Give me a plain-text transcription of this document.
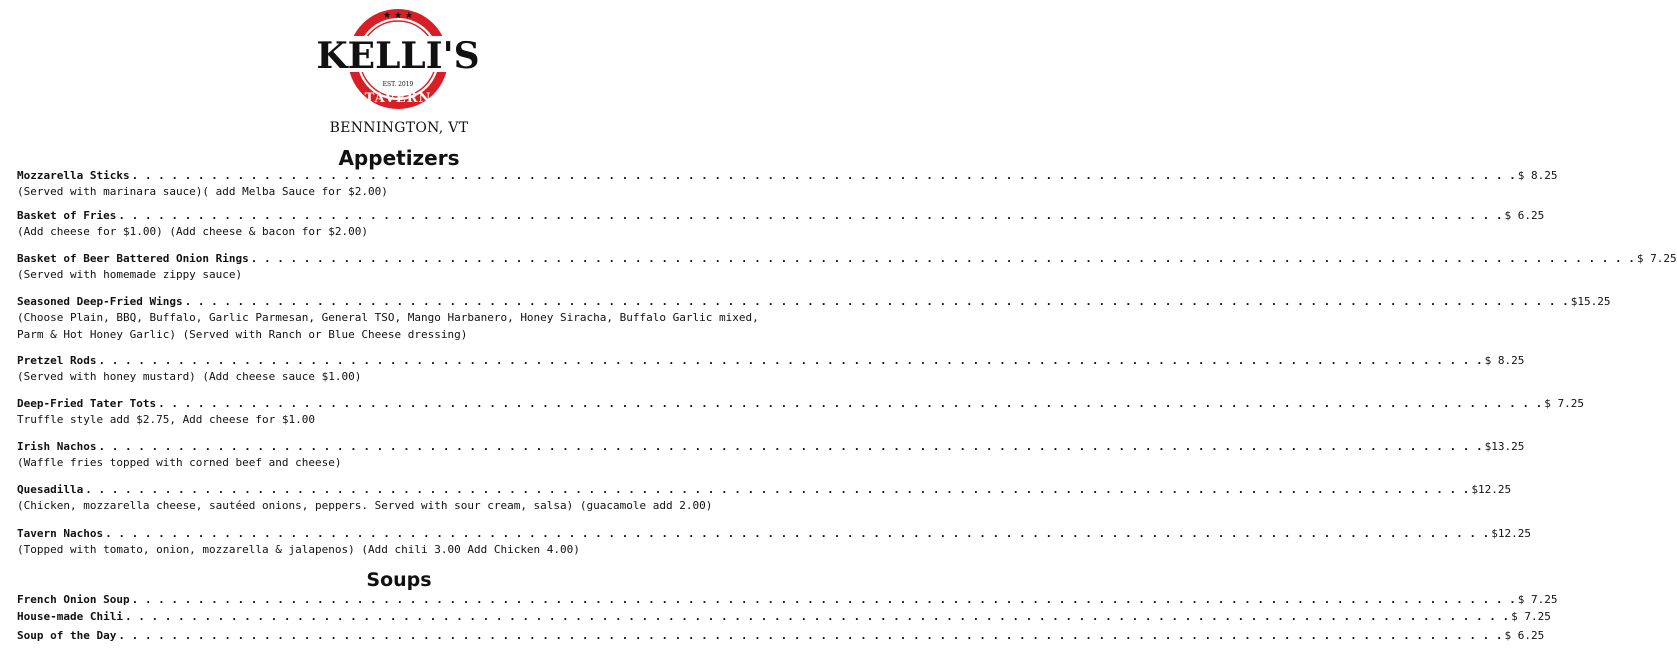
★ ★ ★
KELLI'S
EST. 2019
TAVERN
BENNINGTON, VT
Appetizers
Mozzarella Sticks . . .	$ 8.25
(Served with marinara sauce)( add Melba Sauce for $2.00)
Basket of Fries . . .	$ 6.25
(Add cheese for $1.00) (Add cheese & bacon for $2.00)
Basket of Beer Battered Onion Rings . . .	$ 7.25
(Served with homemade zippy sauce)
Seasoned Deep-Fried Wings . . .	$15.25
(Choose Plain, BBQ, Buffalo, Garlic Parmesan, General TSO, Mango Harbanero, Honey Siracha, Buffalo Garlic mixed, Parm & Hot Honey Garlic) (Served with Ranch or Blue Cheese dressing)
Pretzel Rods . . .	$ 8.25
(Served with honey mustard) (Add cheese sauce $1.00)
Deep-Fried Tater Tots . . .	$ 7.25
Truffle style add $2.75, Add cheese for $1.00
Irish Nachos . . .	$13.25
(Waffle fries topped with corned beef and cheese)
Quesadilla . . .	$12.25
(Chicken, mozzarella cheese, sautéed onions, peppers. Served with sour cream, salsa) (guacamole add 2.00)
Tavern Nachos . . .	$12.25
(Topped with tomato, onion, mozzarella & jalapenos) (Add chili 3.00 Add Chicken 4.00)
Soups
French Onion Soup . . .	$ 7.25
House-made Chili . . .	$ 7.25
Soup of the Day . . .	$ 6.25
